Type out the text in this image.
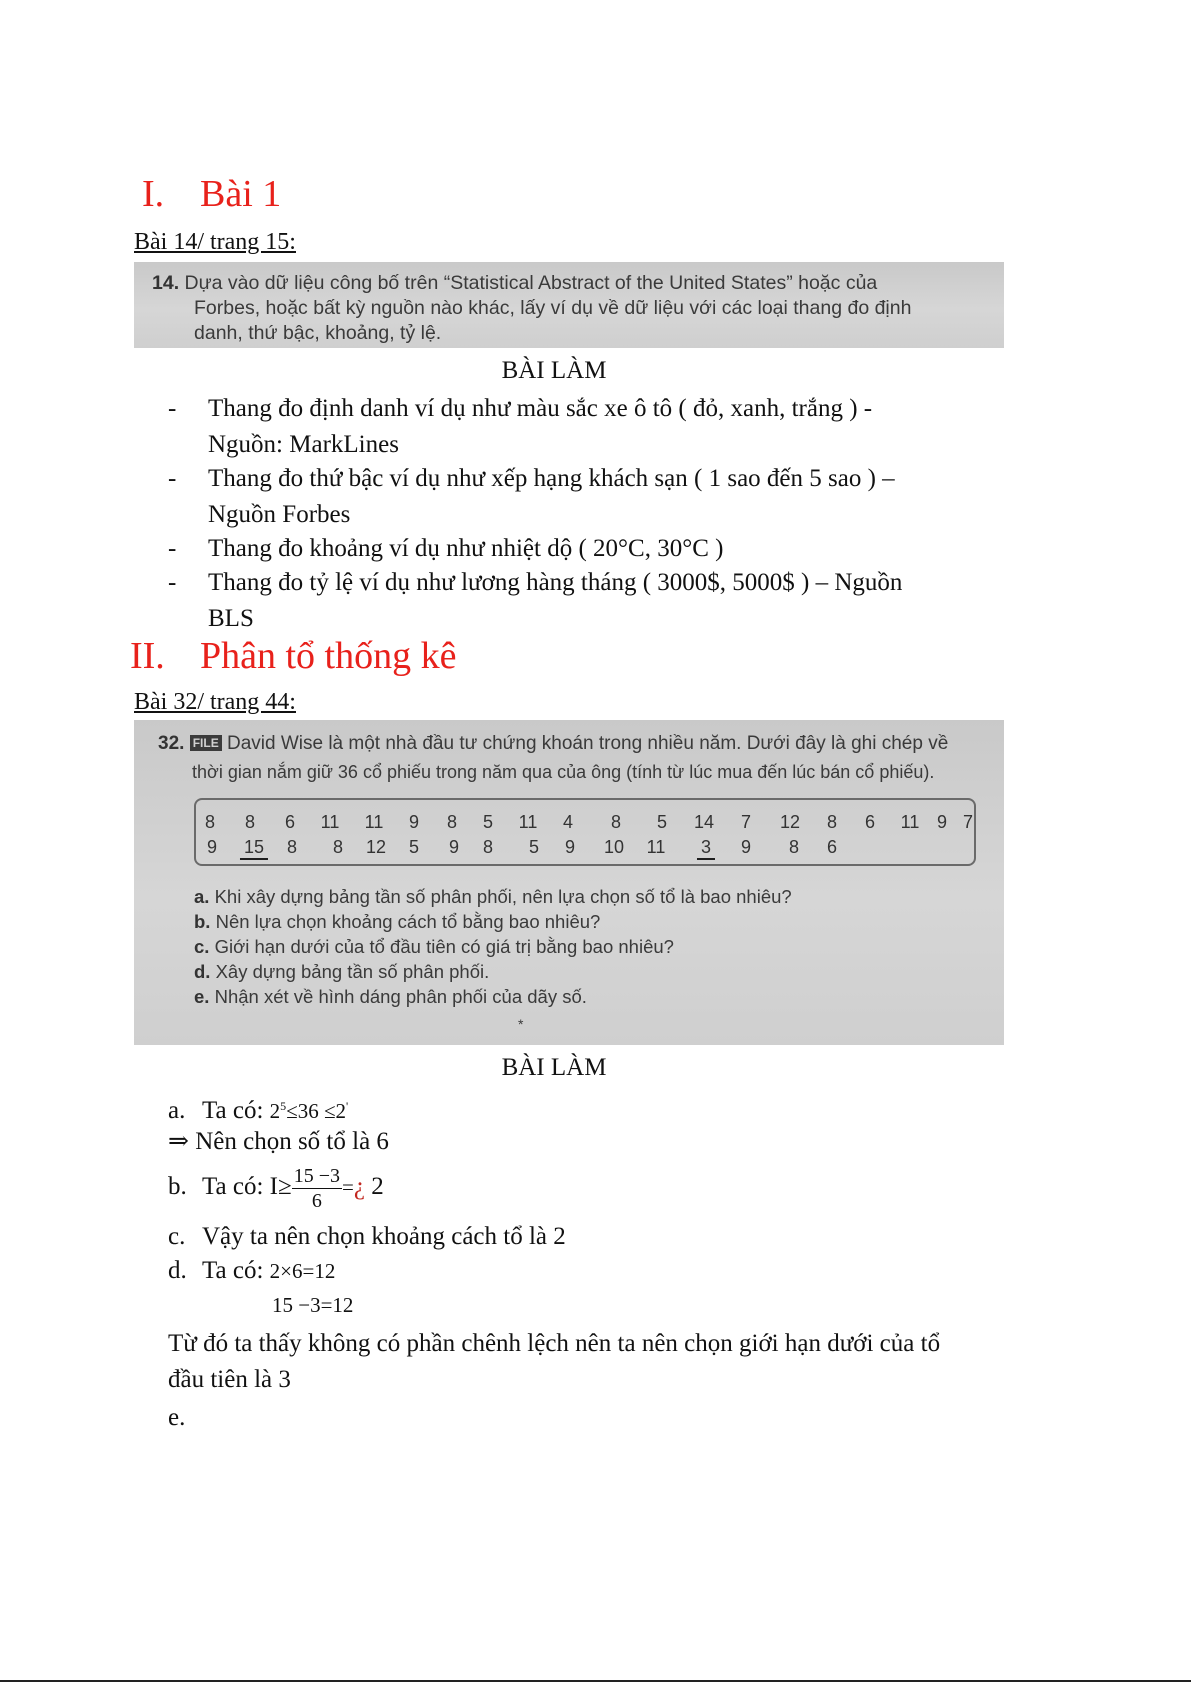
I. Bài 1
Bài 14/ trang 15:
14. Dựa vào dữ liệu công bố trên “Statistical Abstract of the United States” hoặc của
Forbes, hoặc bất kỳ nguồn nào khác, lấy ví dụ về dữ liệu với các loại thang đo định
danh, thứ bậc, khoảng, tỷ lệ.
BÀI LÀM
- Thang đo định danh ví dụ như màu sắc xe ô tô ( đỏ, xanh, trắng ) -
Nguồn: MarkLines
- Thang đo thứ bậc ví dụ như xếp hạng khách sạn ( 1 sao đến 5 sao ) –
Nguồn Forbes
- Thang đo khoảng ví dụ như nhiệt dộ ( 20°C, 30°C )
- Thang đo tỷ lệ ví dụ như lương hàng tháng ( 3000$, 5000$ ) – Nguồn
BLS
II. Phân tổ thống kê
Bài 32/ trang 44:
32. FILE David Wise là một nhà đầu tư chứng khoán trong nhiều năm. Dưới đây là ghi chép về
thời gian nắm giữ 36 cổ phiếu trong năm qua của ông (tính từ lúc mua đến lúc bán cổ phiếu).
8 8 6 11 11 9 8 5 11 4 8 5 14 7 12 8 6 11 9 7
9 15 8 8 12 5 9 8 5 9 10 11 3 9 8 6
a. Khi xây dựng bảng tần số phân phối, nên lựa chọn số tổ là bao nhiêu?
b. Nên lựa chọn khoảng cách tổ bằng bao nhiêu?
c. Giới hạn dưới của tổ đầu tiên có giá trị bằng bao nhiêu?
d. Xây dựng bảng tần số phân phối.
e. Nhận xét về hình dáng phân phối của dãy số.
*
BÀI LÀM
a. Ta có: $2^5\le 36 \le 2'$
⇒ Nên chọn số tổ là 6
b. Ta có: $I\ge \frac{15 -3}{6}$ =¿ 2
c. Vậy ta nên chọn khoảng cách tổ là 2
d. Ta có: 2×6=12
15 −3=12
Từ đó ta thấy không có phần chênh lệch nên ta nên chọn giới hạn dưới của tổ
đầu tiên là 3
e.
